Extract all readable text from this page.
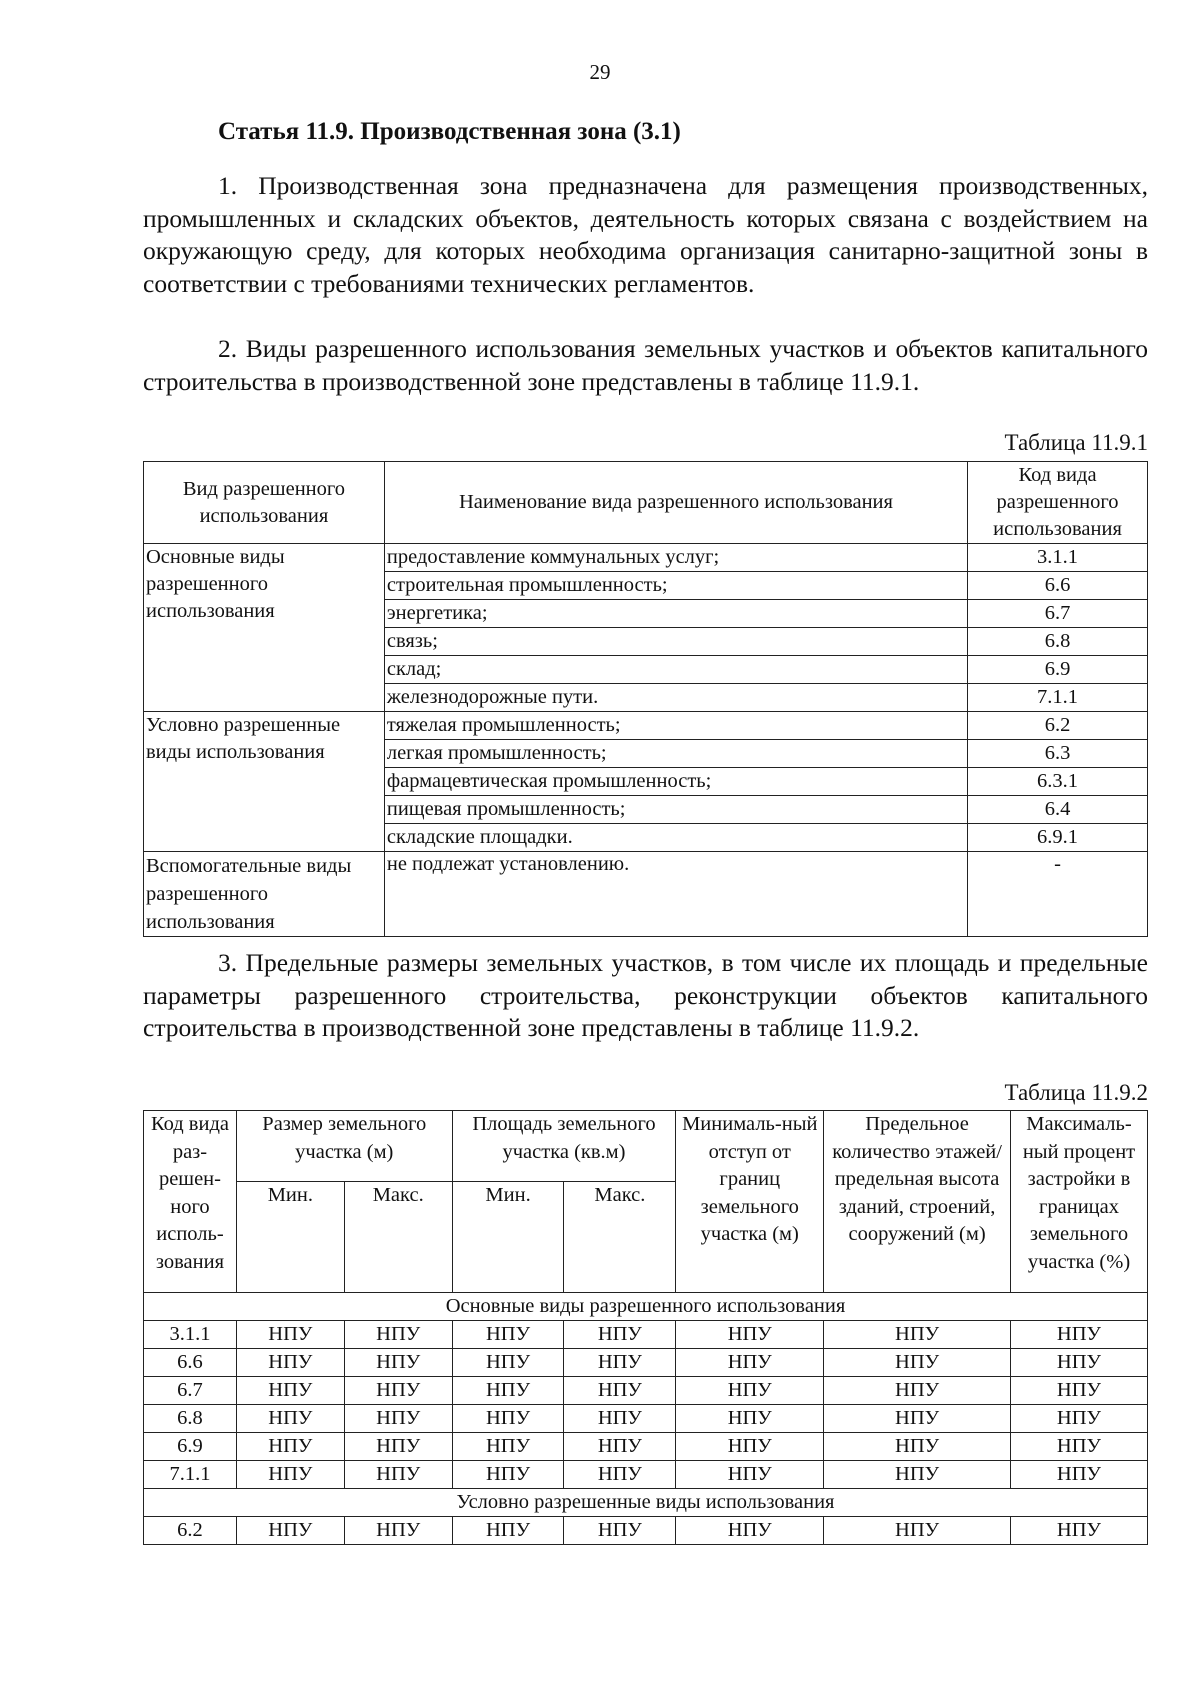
29
Статья 11.9. Производственная зона (3.1)
1. Производственная зона предназначена для размещения производственных, промышленных и складских объектов, деятельность которых связана с воздействием на окружающую среду, для которых необходима организация санитарно-защитной зоны в соответствии с требованиями технических регламентов.
2. Виды разрешенного использования земельных участков и объектов капитального строительства в производственной зоне представлены в таблице 11.9.1.
Таблица 11.9.1
Вид разрешенного использования	Наименование вида разрешенного использования	Код вида разрешенного использования
Основные виды разрешенного использования	предоставление коммунальных услуг;	3.1.1
	строительная промышленность;	6.6
	энергетика;	6.7
	связь;	6.8
	склад;	6.9
	железнодорожные пути.	7.1.1
Условно разрешенные виды использования	тяжелая промышленность;	6.2
	легкая промышленность;	6.3
	фармацевтическая промышленность;	6.3.1
	пищевая промышленность;	6.4
	складские площадки.	6.9.1
Вспомогательные виды разрешенного использования	не подлежат установлению.	-
3. Предельные размеры земельных участков, в том числе их площадь и предельные параметры разрешенного строительства, реконструкции объектов капитального строительства в производственной зоне представлены в таблице 11.9.2.
Таблица 11.9.2
Код вида раз-решен-ного исполь-зования	Размер земельного участка (м)		Площадь земельного участка (кв.м)		Минималь-ный отступ от границ земельного участка (м)	Предельное количество этажей/ предельная высота зданий, строений, сооружений (м)	Максималь-ный процент застройки в границах земельного участка (%)
	Мин.	Макс.	Мин.	Макс.			
Основные виды разрешенного использования							
3.1.1	НПУ	НПУ	НПУ	НПУ	НПУ	НПУ	НПУ
6.6	НПУ	НПУ	НПУ	НПУ	НПУ	НПУ	НПУ
6.7	НПУ	НПУ	НПУ	НПУ	НПУ	НПУ	НПУ
6.8	НПУ	НПУ	НПУ	НПУ	НПУ	НПУ	НПУ
6.9	НПУ	НПУ	НПУ	НПУ	НПУ	НПУ	НПУ
7.1.1	НПУ	НПУ	НПУ	НПУ	НПУ	НПУ	НПУ
Условно разрешенные виды использования							
6.2	НПУ	НПУ	НПУ	НПУ	НПУ	НПУ	НПУ
